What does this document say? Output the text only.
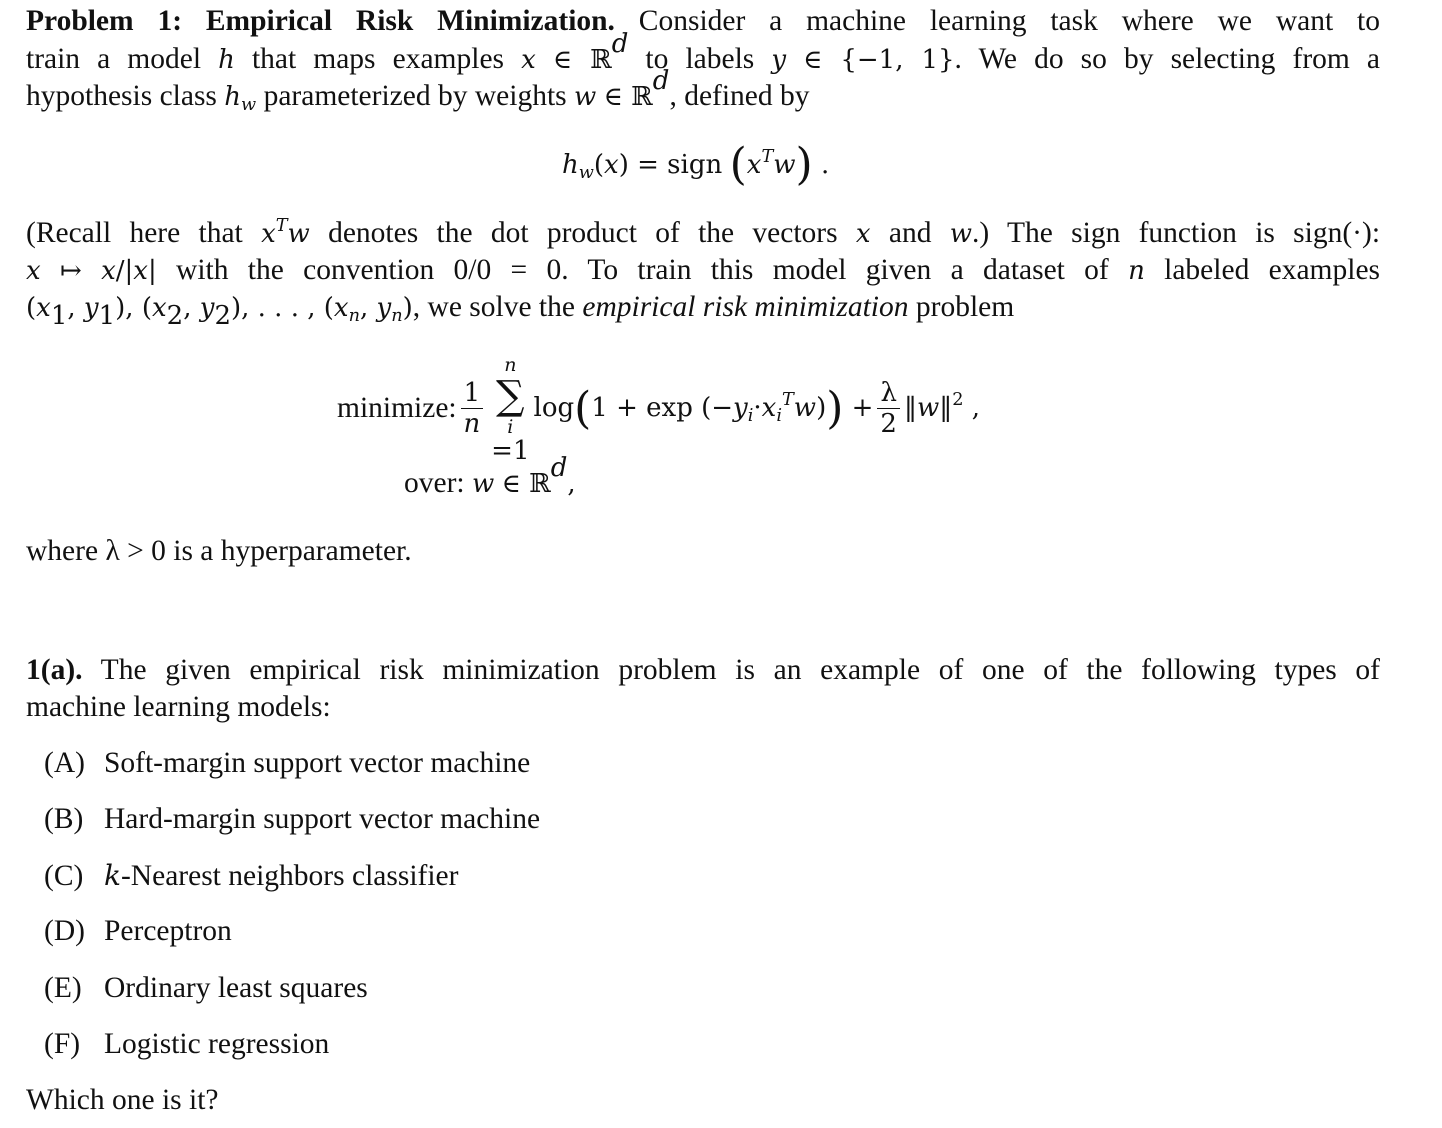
Problem 1: Empirical Risk Minimization. Consider a machine learning task where we want to
train a model h that maps examples x ∈ ℝ$^d$ to labels y ∈ {−1, 1}. We do so by selecting from a
hypothesis class $h_w$ parameterized by weights w ∈ ℝ$^d$, defined by
$h_w(x)$ = sign $(x^Tw)$ .
(Recall here that $x^Tw$ denotes the dot product of the vectors x and w.) The sign function is sign(·):
x ↦ x/|x| with the convention 0/0 = 0. To train this model given a dataset of n labeled examples
($x_1$, $y_1$), ($x_2$, $y_2$), . . . , ($x_n$, $y_n$), we solve the empirical risk minimization problem
minimize: $\frac{1}{n}$
n
∑
i
=1
log ( 1 + exp (− $y_i \cdot x_i^Tw$ ) ) + $\frac{\lambda}{2}$ ‖ w ‖$^2$ ,
over: w ∈ ℝ$^d$,
where λ > 0 is a hyperparameter.
1(a). The given empirical risk minimization problem is an example of one of the following types of
machine learning models:
(A) Soft-margin support vector machine
(B) Hard-margin support vector machine
(C) k-Nearest neighbors classifier
(D) Perceptron
(E) Ordinary least squares
(F) Logistic regression
Which one is it?
